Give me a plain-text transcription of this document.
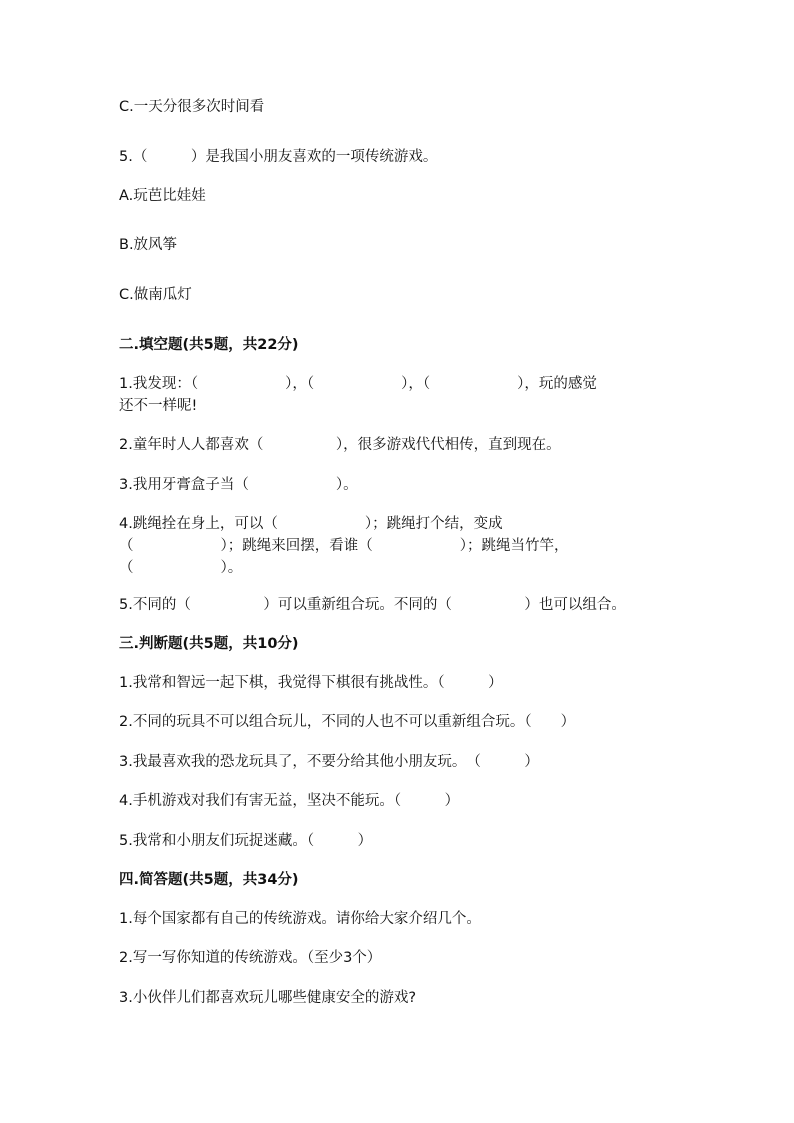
C.一天分很多次时间看
5.（　　　）是我国小朋友喜欢的一项传统游戏。
A.玩芭比娃娃
B.放风筝
C.做南瓜灯
二.填空题(共5题，共22分)
1.我发现：（　　　　　　），（　　　　　　），（　　　　　　），玩的感觉
还不一样呢!
2.童年时人人都喜欢（　　　　　），很多游戏代代相传，直到现在。
3.我用牙膏盒子当（　　　　　　）。
4.跳绳拴在身上，可以（　　　　　　）；跳绳打个结，变成
（　　　　　　）；跳绳来回摆，看谁（　　　　　　）；跳绳当竹竿，
（　　　　　　）。
5.不同的（　　　　　）可以重新组合玩。不同的（　　　　　）也可以组合。
三.判断题(共5题，共10分)
1.我常和智远一起下棋，我觉得下棋很有挑战性。（　　　）
2.不同的玩具不可以组合玩儿，不同的人也不可以重新组合玩。（　　）
3.我最喜欢我的恐龙玩具了，不要分给其他小朋友玩。　（　　　）
4.手机游戏对我们有害无益，坚决不能玩。（　　　）
5.我常和小朋友们玩捉迷藏。（　　　）
四.简答题(共5题，共34分)
1.每个国家都有自己的传统游戏。请你给大家介绍几个。
2.写一写你知道的传统游戏。（至少3个）
3.小伙伴儿们都喜欢玩儿哪些健康安全的游戏?
